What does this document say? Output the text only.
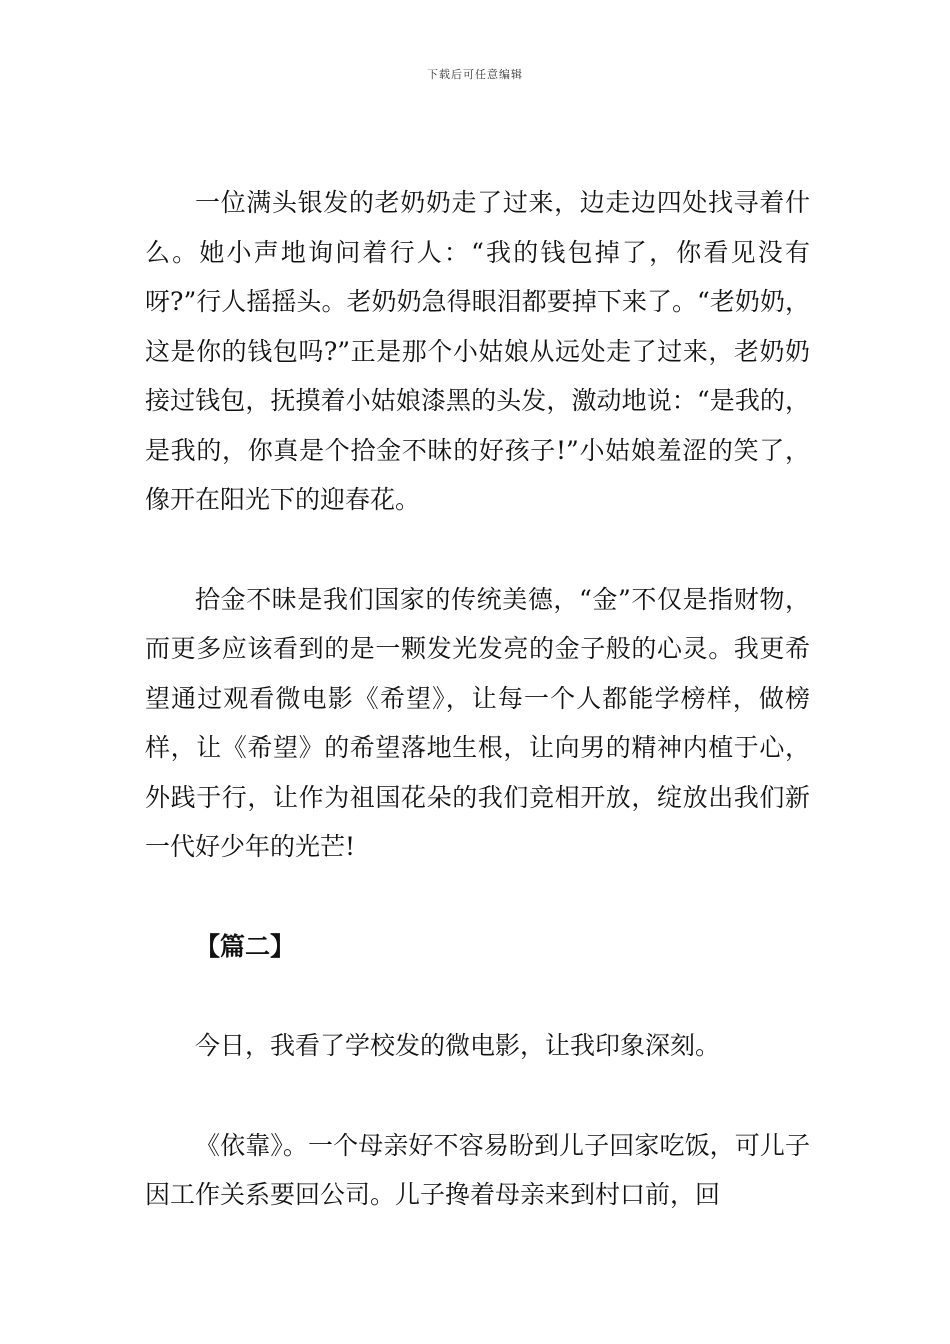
下载后可任意编辑

一位满头银发的老奶奶走了过来，边走边四处找寻着什么。她小声地询问着行人：“我的钱包掉了，你看见没有呀?”行人摇摇头。老奶奶急得眼泪都要掉下来了。“老奶奶，这是你的钱包吗?”正是那个小姑娘从远处走了过来，老奶奶接过钱包，抚摸着小姑娘漆黑的头发，激动地说：“是我的，是我的，你真是个拾金不昧的好孩子!”小姑娘羞涩的笑了，像开在阳光下的迎春花。

拾金不昧是我们国家的传统美德，“金”不仅是指财物，而更多应该看到的是一颗发光发亮的金子般的心灵。我更希望通过观看微电影《希望》，让每一个人都能学榜样，做榜样，让《希望》的希望落地生根，让向男的精神内植于心，外践于行，让作为祖国花朵的我们竞相开放，绽放出我们新一代好少年的光芒!

【篇二】

今日，我看了学校发的微电影，让我印象深刻。

《依靠》。一个母亲好不容易盼到儿子回家吃饭，可儿子因工作关系要回公司。儿子搀着母亲来到村口前，回
